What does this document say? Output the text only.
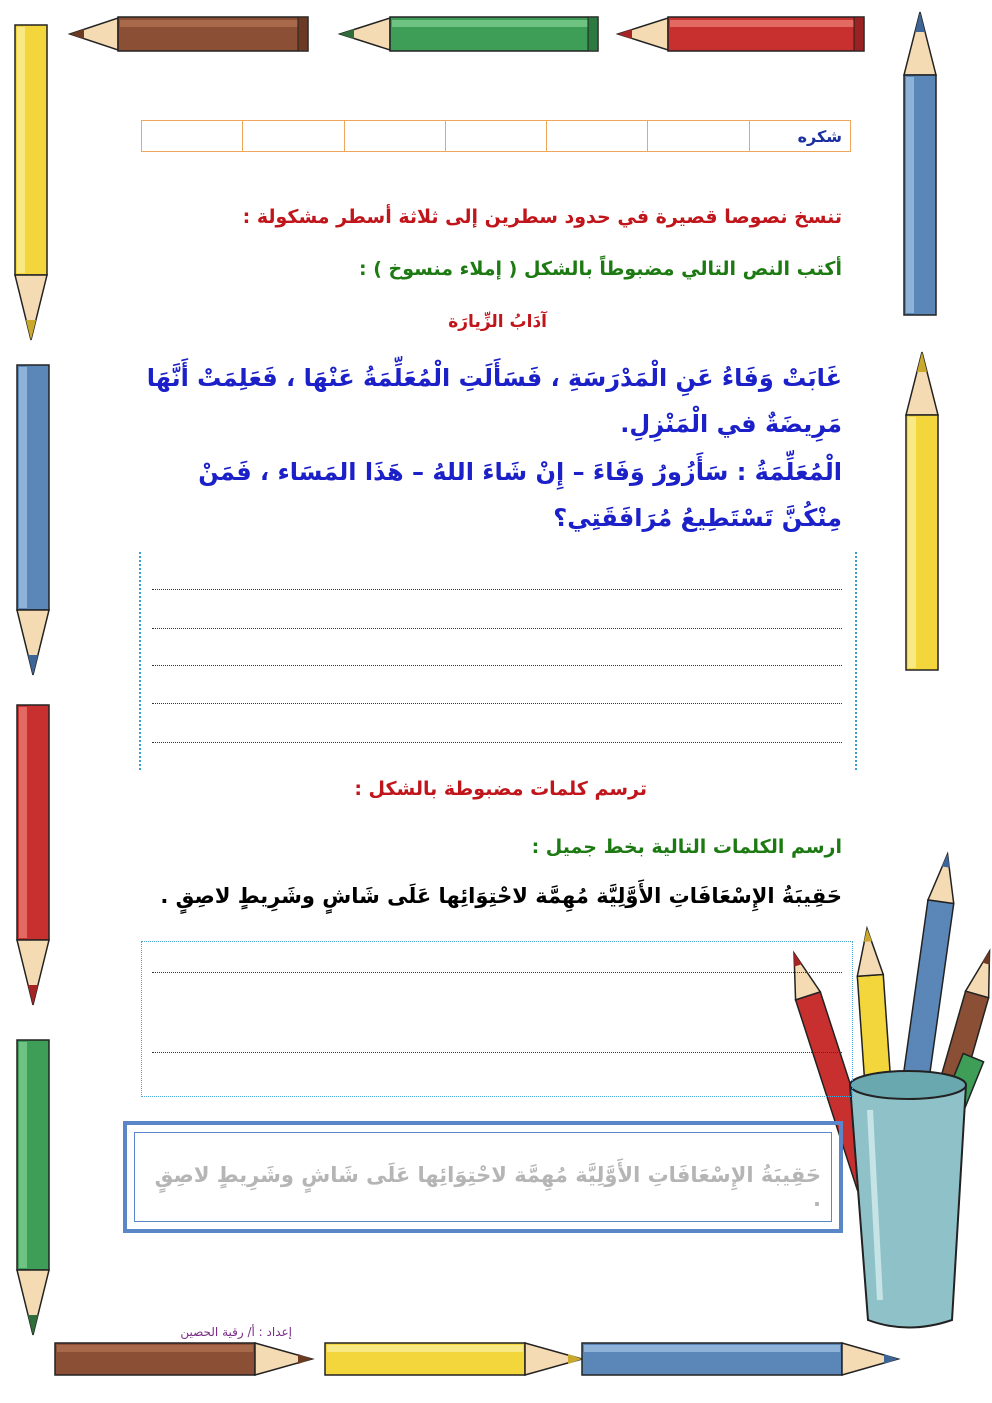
شكره						
تنسخ نصوصا قصيرة في حدود سطرين إلى ثلاثة أسطر مشكولة :
أكتب النص التالي مضبوطاً بالشكل ( إملاء منسوخ ) :
آدَابُ الزِّيارَة
غَابَتْ وَفَاءُ عَنِ الْمَدْرَسَةِ ، فَسَأَلَتِ الْمُعَلِّمَةُ عَنْهَا ، فَعَلِمَتْ أَنَّهَا مَرِيضَةٌ في الْمَنْزِلِ.
الْمُعَلِّمَةُ : سَأَزُورُ وَفَاءَ – إِنْ شَاءَ اللهُ – هَذَا المَسَاء ، فَمَنْ مِنْكُنَّ تَسْتَطِيعُ مُرَافَقَتِي؟
ترسم كلمات مضبوطة بالشكل :
ارسم الكلمات التالية بخط جميل :
حَقِيبَةُ الإِسْعَافَاتِ الأَوَّلِيَّة مُهِمَّة لاحْتِوَائِها عَلَى شَاشٍ وشَرِيطٍ لاصِقٍ .
حَقِيبَةُ الإِسْعَافَاتِ الأَوَّلِيَّة مُهِمَّة لاحْتِوَائِها عَلَى شَاشٍ وشَرِيطٍ لاصِقٍ .
إعداد : أ/ رقية الحصين
